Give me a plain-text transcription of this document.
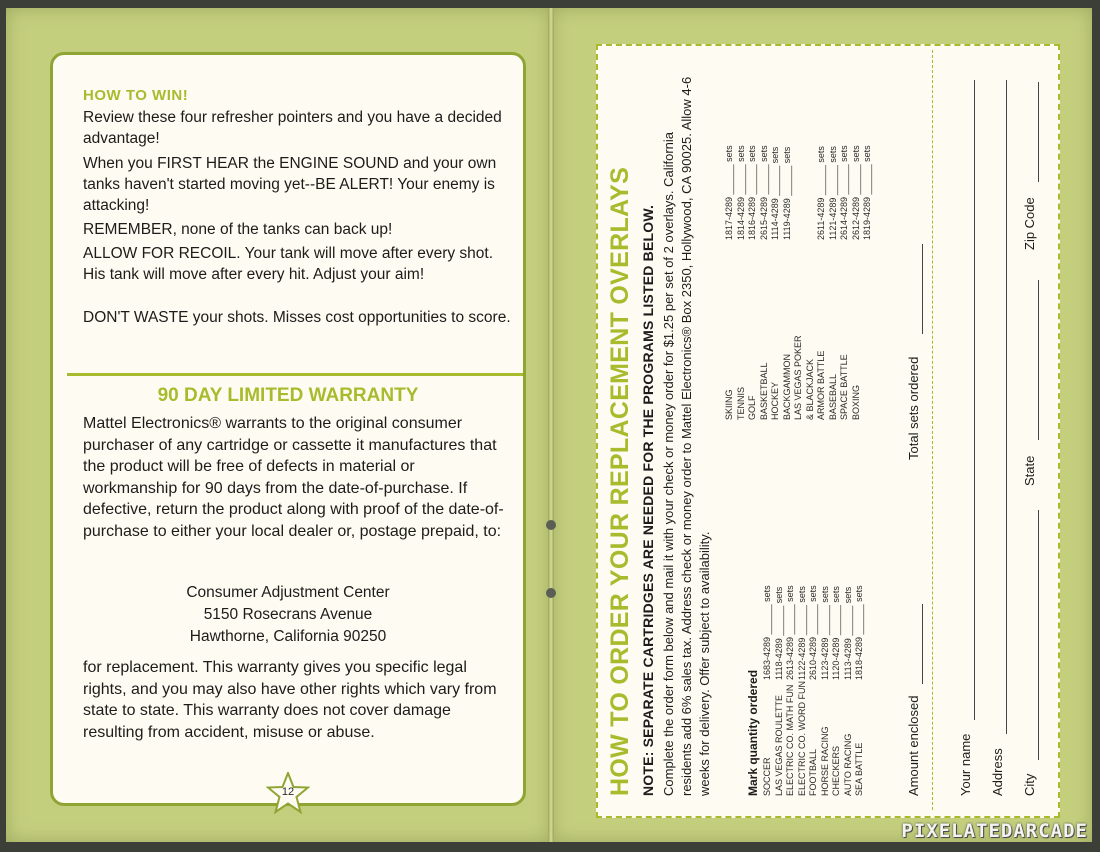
HOW TO WIN!
Review these four refresher pointers and you have a decided advantage!
When you FIRST HEAR the ENGINE SOUND and your own tanks haven't started moving yet--BE ALERT! Your enemy is attacking!
REMEMBER, none of the tanks can back up!
ALLOW FOR RECOIL. Your tank will move after every shot. His tank will move after every hit. Adjust your aim!
DON'T WASTE your shots. Misses cost opportunities to score.
90 DAY LIMITED WARRANTY
Mattel Electronics® warrants to the original consumer purchaser of any cartridge or cassette it manufactures that the product will be free of defects in material or workmanship for 90 days from the date-of-purchase. If defective, return the product along with proof of the date-of-purchase to either your local dealer or, postage prepaid, to:
Consumer Adjustment Center
5150 Rosecrans Avenue
Hawthorne, California 90250
for replacement. This warranty gives you specific legal rights, and you may also have other rights which vary from state to state. This warranty does not cover damage resulting from accident, misuse or abuse.
12	HOW TO ORDER YOUR REPLACEMENT OVERLAYS NOTE: SEPARATE CARTRIDGES ARE NEEDED FOR THE PROGRAMS LISTED BELOW. Complete the order form below and mail it with your check or money order for $1.25 per set of 2 overlays. California residents add 6% sales tax. Address check or money order to Mattel Electronics® Box 2350, Hollywood, CA 90025. Allow 4-6 weeks for delivery. Offer subject to availability.	Mark quantity ordered SOCCER LAS VEGAS ROULETTE ELECTRIC CO. MATH FUN ELECTRIC CO. WORD FUN FOOTBALL HORSE RACING CHECKERS AUTO RACING SEA BATTLE
1683-4289 ______ sets
1118-4289 ______ sets
2613-4289 ______ sets
1122-4289 ______ sets
2610-4289 ______ sets
1123-4289 ______ sets
1120-4289 ______ sets
1113-4289 ______ sets
1818-4289 ______ sets
SKIING TENNIS GOLF BASKETBALL HOCKEY BACKGAMMON LAS VEGAS POKER & BLACKJACK ARMOR BATTLE BASEBALL SPACE BATTLE BOXING
1817-4289 ______ sets
1814-4289 ______ sets
1816-4289 ______ sets
2615-4289 ______ sets
1114-4289 ______ sets
1119-4289 ______ sets
2611-4289 ______ sets
1121-4289 ______ sets
2614-4289 ______ sets
2612-4289 ______ sets
1819-4289 ______ sets
Amount enclosed
Total sets ordered
Your name Address City
State
Zip Code
PIXELATEDARCADE
